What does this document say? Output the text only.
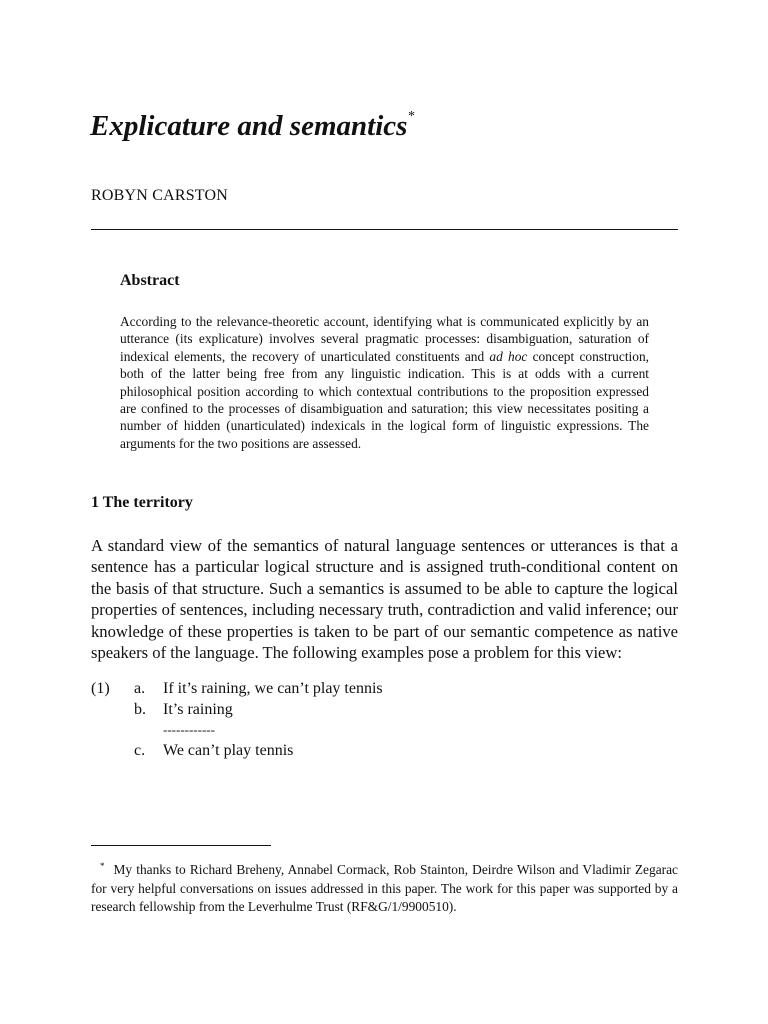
Explicature and semantics*

ROBYN CARSTON

Abstract

According to the relevance-theoretic account, identifying what is communicated explicitly by an utterance (its explicature) involves several pragmatic processes: disambiguation, saturation of indexical elements, the recovery of unarticulated constituents and ad hoc concept construction, both of the latter being free from any linguistic indication. This is at odds with a current philosophical position according to which contextual contributions to the proposition expressed are confined to the processes of disambiguation and saturation; this view necessitates positing a number of hidden (unarticulated) indexicals in the logical form of linguistic expressions. The arguments for the two positions are assessed.

1 The territory

A standard view of the semantics of natural language sentences or utterances is that a sentence has a particular logical structure and is assigned truth-conditional content on the basis of that structure. Such a semantics is assumed to be able to capture the logical properties of sentences, including necessary truth, contradiction and valid inference; our knowledge of these properties is taken to be part of our semantic competence as native speakers of the language. The following examples pose a problem for this view:

(1) a. If it’s raining, we can’t play tennis
b. It’s raining
------------
c. We can’t play tennis

* My thanks to Richard Breheny, Annabel Cormack, Rob Stainton, Deirdre Wilson and Vladimir Zegarac for very helpful conversations on issues addressed in this paper. The work for this paper was supported by a research fellowship from the Leverhulme Trust (RF&G/1/9900510).
